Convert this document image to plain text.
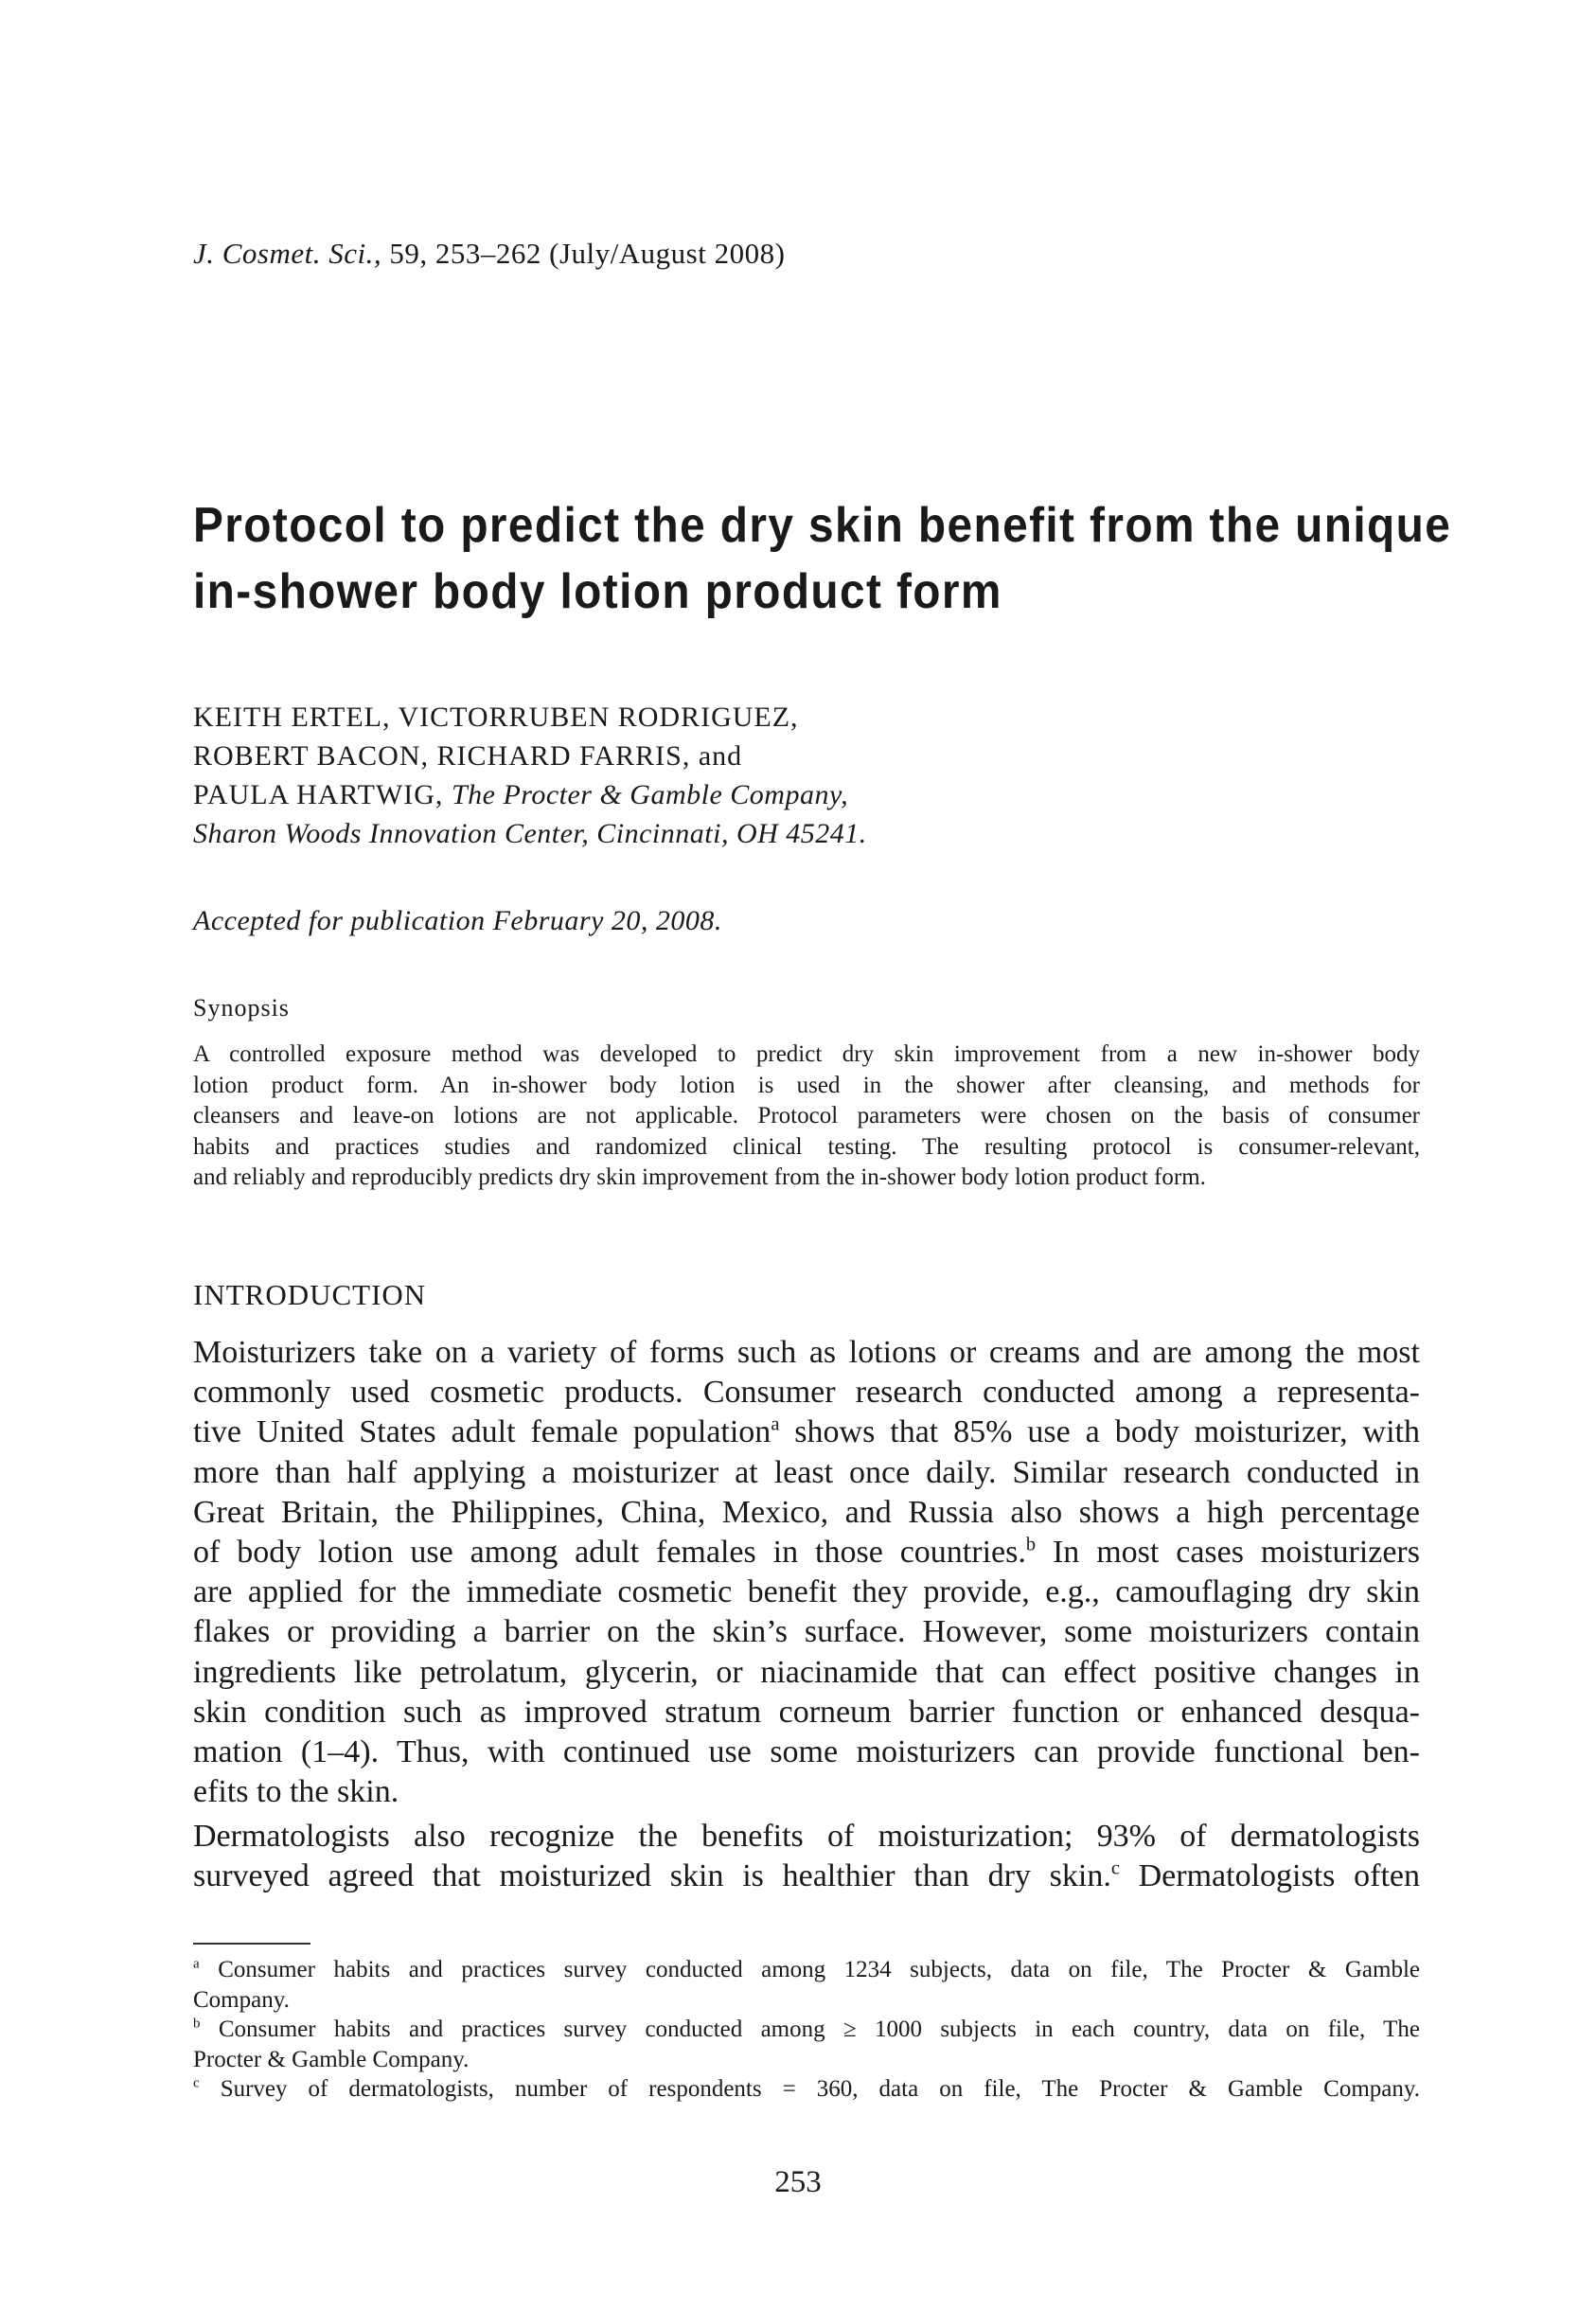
J. Cosmet. Sci., 59, 253–262 (July/August 2008)
Protocol to predict the dry skin benefit from the unique
in-shower body lotion product form
KEITH ERTEL, VICTORRUBEN RODRIGUEZ,
ROBERT BACON, RICHARD FARRIS, and
PAULA HARTWIG, The Procter & Gamble Company,
Sharon Woods Innovation Center, Cincinnati, OH 45241.
Accepted for publication February 20, 2008.
Synopsis
A controlled exposure method was developed to predict dry skin improvement from a new in-shower body
lotion product form. An in-shower body lotion is used in the shower after cleansing, and methods for
cleansers and leave-on lotions are not applicable. Protocol parameters were chosen on the basis of consumer
habits and practices studies and randomized clinical testing. The resulting protocol is consumer-relevant,
and reliably and reproducibly predicts dry skin improvement from the in-shower body lotion product form.
INTRODUCTION
Moisturizers take on a variety of forms such as lotions or creams and are among the most
commonly used cosmetic products. Consumer research conducted among a representa-
tive United States adult female population$^a$ shows that 85% use a body moisturizer, with
more than half applying a moisturizer at least once daily. Similar research conducted in
Great Britain, the Philippines, China, Mexico, and Russia also shows a high percentage
of body lotion use among adult females in those countries.$^b$ In most cases moisturizers
are applied for the immediate cosmetic benefit they provide, e.g., camouflaging dry skin
flakes or providing a barrier on the skin’s surface. However, some moisturizers contain
ingredients like petrolatum, glycerin, or niacinamide that can effect positive changes in
skin condition such as improved stratum corneum barrier function or enhanced desqua-
mation (1–4). Thus, with continued use some moisturizers can provide functional ben-
efits to the skin.
Dermatologists also recognize the benefits of moisturization; 93% of dermatologists
surveyed agreed that moisturized skin is healthier than dry skin.$^c$ Dermatologists often
$^a$ Consumer habits and practices survey conducted among 1234 subjects, data on file, The Procter & Gamble
Company.
$^b$ Consumer habits and practices survey conducted among ≥ 1000 subjects in each country, data on file, The
Procter & Gamble Company.
$^c$ Survey of dermatologists, number of respondents = 360, data on file, The Procter & Gamble Company.
253
